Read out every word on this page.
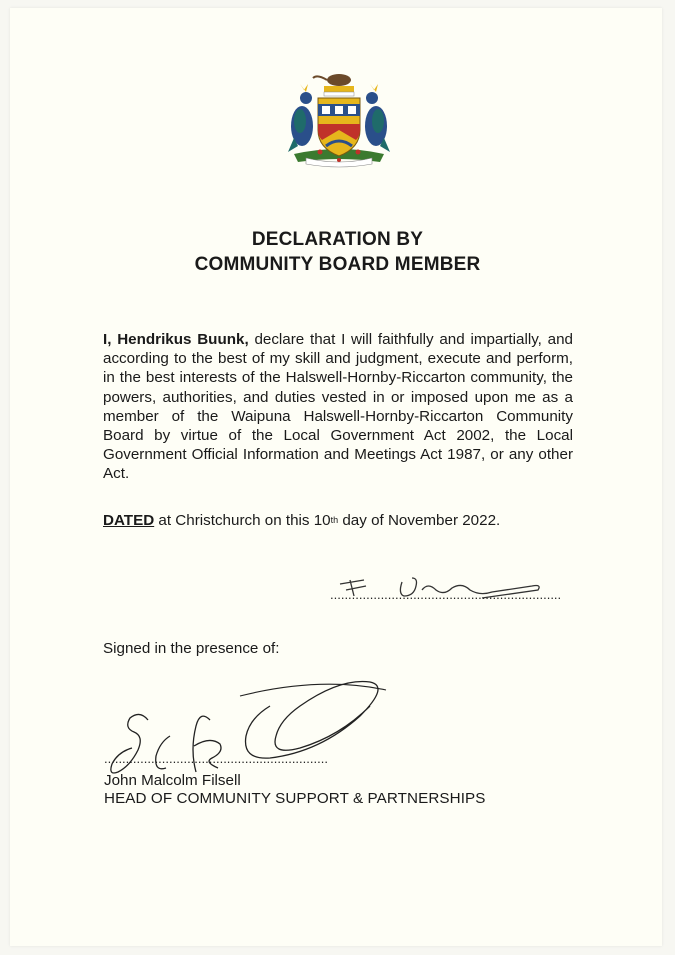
DECLARATION BY
COMMUNITY BOARD MEMBER
I, Hendrikus Buunk, declare that I will faithfully and impartially, and according to the best of my skill and judgment, execute and perform, in the best interests of the Halswell-Hornby-Riccarton community, the powers, authorities, and duties vested in or imposed upon me as a member of the Waipuna Halswell-Hornby-Riccarton Community Board by virtue of the Local Government Act 2002, the Local Government Official Information and Meetings Act 1987, or any other Act.
DATED at Christchurch on this 10th day of November 2022.
................................................................
Signed in the presence of:
..............................................................
John Malcolm Filsell
HEAD OF COMMUNITY SUPPORT & PARTNERSHIPS
